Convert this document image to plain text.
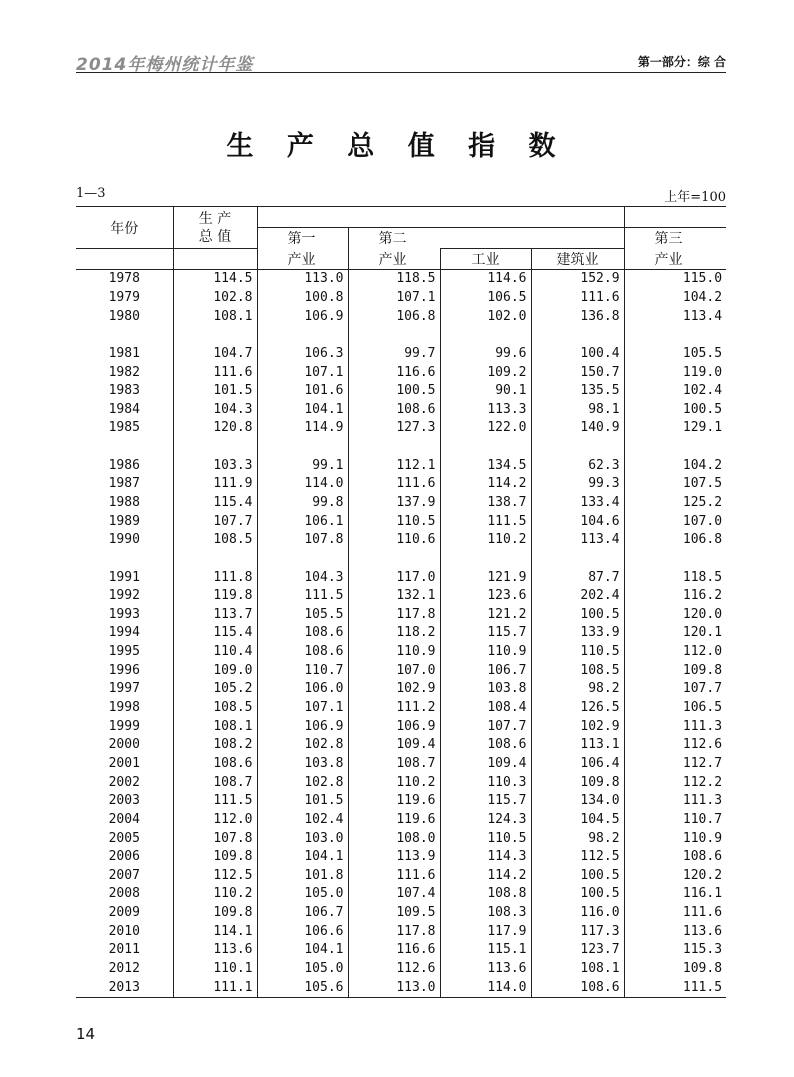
2014年梅州统计年鉴	第一部分：综 合
生 产 总 值 指 数
1—3	上年=100
年份	生 产
总 值					
		第一	第二			第三
		产业	产业	工业	建筑业	产业
1978	114.5	113.0	118.5	114.6	152.9	115.0
1979	102.8	100.8	107.1	106.5	111.6	104.2
1980	108.1	106.9	106.8	102.0	136.8	113.4

1981	104.7	106.3	99.7	99.6	100.4	105.5
1982	111.6	107.1	116.6	109.2	150.7	119.0
1983	101.5	101.6	100.5	90.1	135.5	102.4
1984	104.3	104.1	108.6	113.3	98.1	100.5
1985	120.8	114.9	127.3	122.0	140.9	129.1

1986	103.3	99.1	112.1	134.5	62.3	104.2
1987	111.9	114.0	111.6	114.2	99.3	107.5
1988	115.4	99.8	137.9	138.7	133.4	125.2
1989	107.7	106.1	110.5	111.5	104.6	107.0
1990	108.5	107.8	110.6	110.2	113.4	106.8

1991	111.8	104.3	117.0	121.9	87.7	118.5
1992	119.8	111.5	132.1	123.6	202.4	116.2
1993	113.7	105.5	117.8	121.2	100.5	120.0
1994	115.4	108.6	118.2	115.7	133.9	120.1
1995	110.4	108.6	110.9	110.9	110.5	112.0
1996	109.0	110.7	107.0	106.7	108.5	109.8
1997	105.2	106.0	102.9	103.8	98.2	107.7
1998	108.5	107.1	111.2	108.4	126.5	106.5
1999	108.1	106.9	106.9	107.7	102.9	111.3
2000	108.2	102.8	109.4	108.6	113.1	112.6
2001	108.6	103.8	108.7	109.4	106.4	112.7
2002	108.7	102.8	110.2	110.3	109.8	112.2
2003	111.5	101.5	119.6	115.7	134.0	111.3
2004	112.0	102.4	119.6	124.3	104.5	110.7
2005	107.8	103.0	108.0	110.5	98.2	110.9
2006	109.8	104.1	113.9	114.3	112.5	108.6
2007	112.5	101.8	111.6	114.2	100.5	120.2
2008	110.2	105.0	107.4	108.8	100.5	116.1
2009	109.8	106.7	109.5	108.3	116.0	111.6
2010	114.1	106.6	117.8	117.9	117.3	113.6
2011	113.6	104.1	116.6	115.1	123.7	115.3
2012	110.1	105.0	112.6	113.6	108.1	109.8
2013	111.1	105.6	113.0	114.0	108.6	111.5
14
